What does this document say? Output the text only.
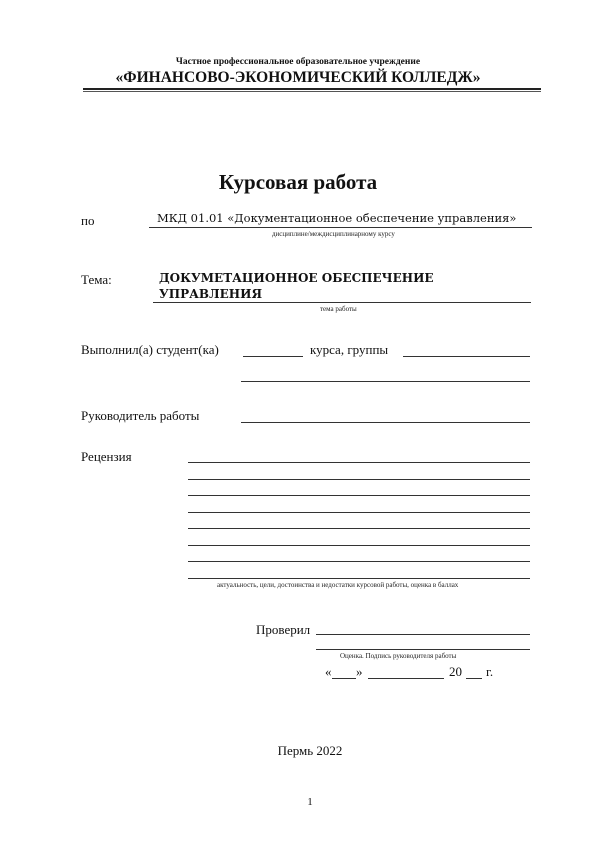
Частное профессиональное образовательное учреждение
«ФИНАНСОВО-ЭКОНОМИЧЕСКИЙ КОЛЛЕДЖ»
Курсовая работа
по	МКД 01.01 «Документационное обеспечение управления»
дисциплине/междисциплинарному курсу
Тема:	ДОКУМЕТАЦИОННОЕ ОБЕСПЕЧЕНИЕ
УПРАВЛЕНИЯ
тема работы
Выполнил(а) студент(ка)	курса, группы
Руководитель работы
Рецензия
актуальность, цели, достоинства и недостатки курсовой работы, оценка в баллах
Проверил
Оценка. Подпись руководителя работы
« »	20 г.
Пермь 2022
1
